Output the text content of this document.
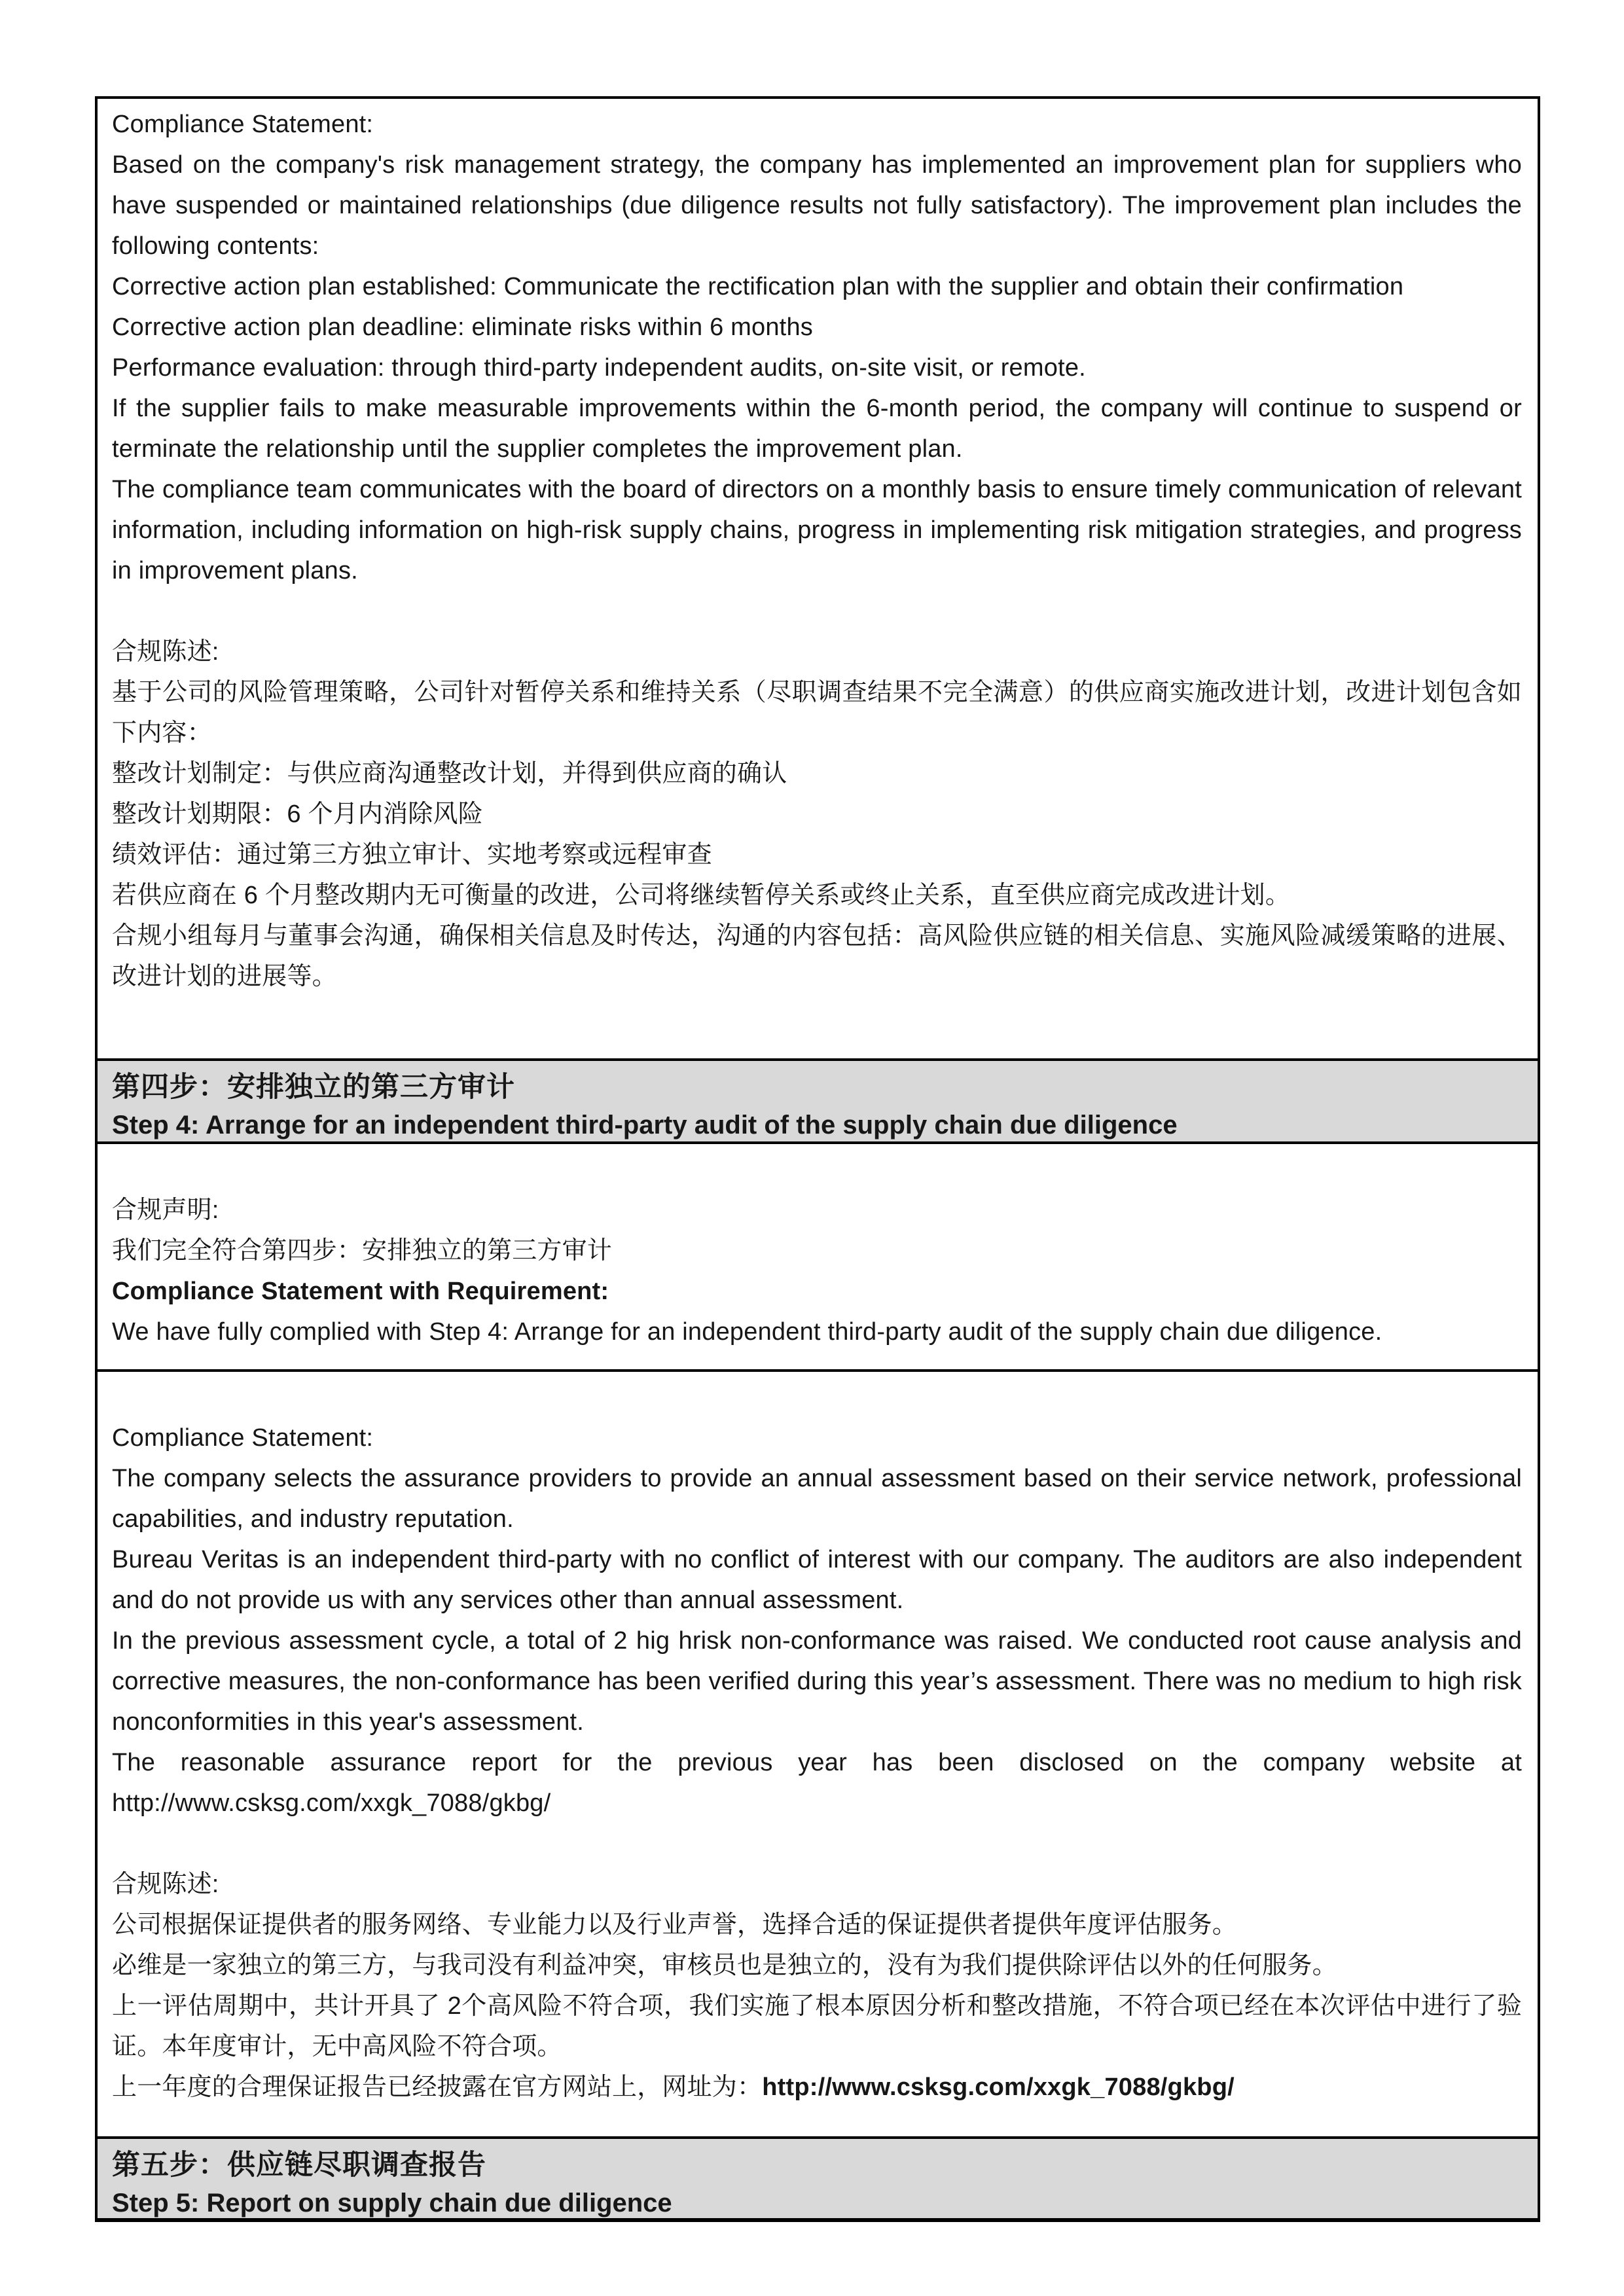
Compliance Statement:

Based on the company's risk management strategy, the company has implemented an improvement plan for suppliers who have suspended or maintained relationships (due diligence results not fully satisfactory). The improvement plan includes the following contents:

Corrective action plan established: Communicate the rectification plan with the supplier and obtain their confirmation

Corrective action plan deadline: eliminate risks within 6 months

Performance evaluation: through third-party independent audits, on-site visit, or remote.

If the supplier fails to make measurable improvements within the 6-month period, the company will continue to suspend or terminate the relationship until the supplier completes the improvement plan.

The compliance team communicates with the board of directors on a monthly basis to ensure timely communication of relevant information, including information on high-risk supply chains, progress in implementing risk mitigation strategies, and progress in improvement plans.

合规陈述:

基于公司的风险管理策略，公司针对暂停关系和维持关系（尽职调查结果不完全满意）的供应商实施改进计划，改进计划包含如下内容：

整改计划制定：与供应商沟通整改计划，并得到供应商的确认

整改计划期限：6 个月内消除风险

绩效评估：通过第三方独立审计、实地考察或远程审查

若供应商在 6 个月整改期内无可衡量的改进，公司将继续暂停关系或终止关系，直至供应商完成改进计划。

合规小组每月与董事会沟通，确保相关信息及时传达，沟通的内容包括：高风险供应链的相关信息、实施风险减缓策略的进展、改进计划的进展等。

第四步：安排独立的第三方审计

Step 4: Arrange for an independent third-party audit of the supply chain due diligence

合规声明:

我们完全符合第四步：安排独立的第三方审计

Compliance Statement with Requirement:

We have fully complied with Step 4: Arrange for an independent third-party audit of the supply chain due diligence.

Compliance Statement:

The company selects the assurance providers to provide an annual assessment based on their service network, professional capabilities, and industry reputation.

Bureau Veritas is an independent third-party with no conflict of interest with our company. The auditors are also independent and do not provide us with any services other than annual assessment.

In the previous assessment cycle, a total of 2 hig hrisk non-conformance was raised. We conducted root cause analysis and corrective measures, the non-conformance has been verified during this year’s assessment. There was no medium to high risk nonconformities in this year's assessment.

The reasonable assurance report for the previous year has been disclosed on the company website at http://www.csksg.com/xxgk_7088/gkbg/

合规陈述:

公司根据保证提供者的服务网络、专业能力以及行业声誉，选择合适的保证提供者提供年度评估服务。

必维是一家独立的第三方，与我司没有利益冲突，审核员也是独立的，没有为我们提供除评估以外的任何服务。

上一评估周期中，共计开具了 2个高风险不符合项，我们实施了根本原因分析和整改措施，不符合项已经在本次评估中进行了验证。本年度审计，无中高风险不符合项。

上一年度的合理保证报告已经披露在官方网站上，网址为：http://www.csksg.com/xxgk_7088/gkbg/

第五步：供应链尽职调查报告

Step 5: Report on supply chain due diligence
